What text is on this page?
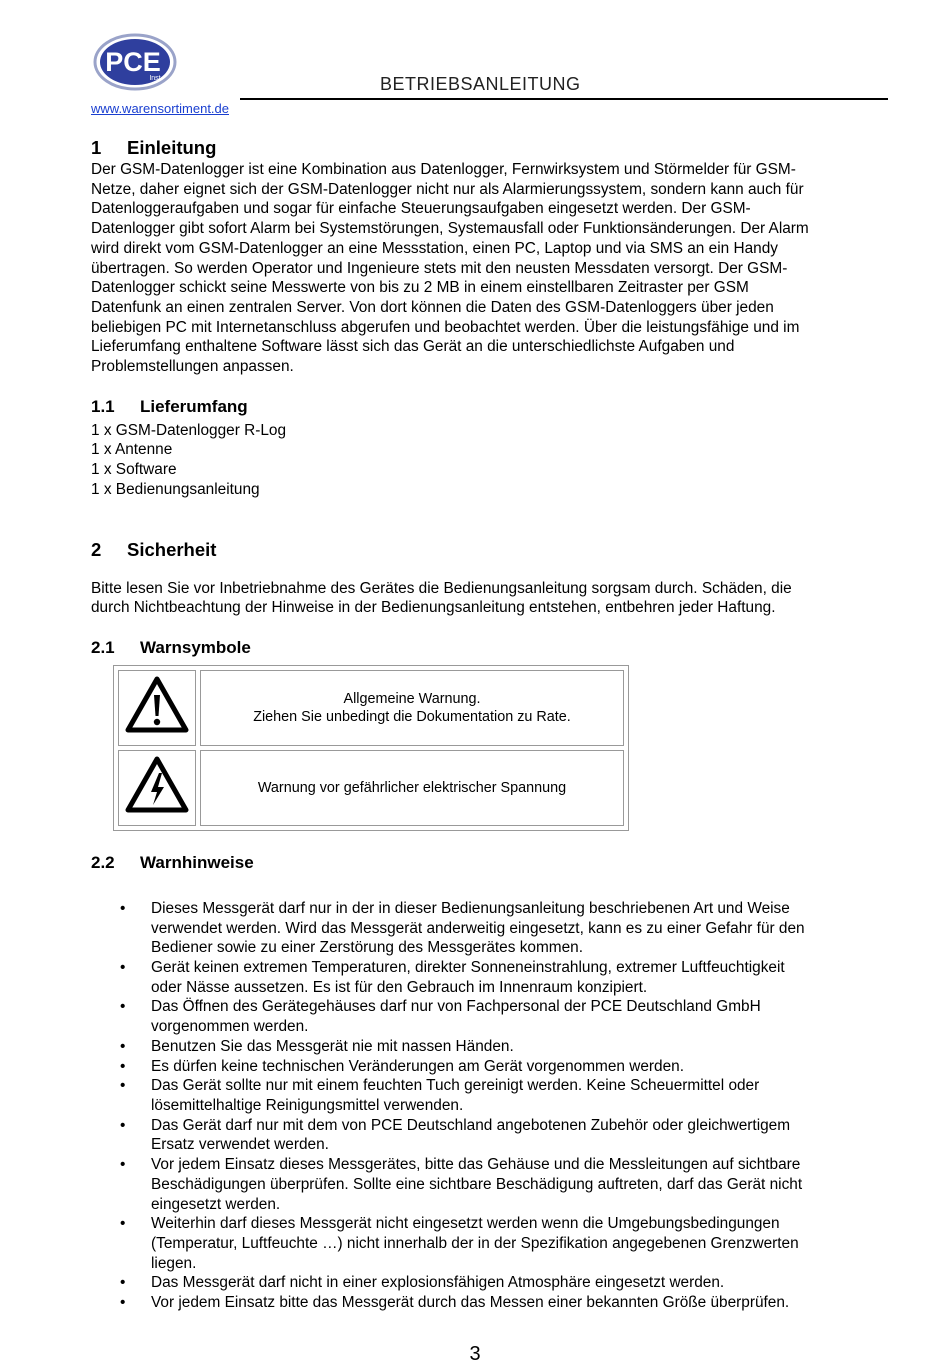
PCE
Inst
www.warensortiment.de
BETRIEBSANLEITUNG
1 Einleitung
Der GSM-Datenlogger ist eine Kombination aus Datenlogger, Fernwirksystem und Störmelder für GSM-
Netze, daher eignet sich der GSM-Datenlogger nicht nur als Alarmierungssystem, sondern kann auch für
Datenloggeraufgaben und sogar für einfache Steuerungsaufgaben eingesetzt werden. Der GSM-
Datenlogger gibt sofort Alarm bei Systemstörungen, Systemausfall oder Funktionsänderungen. Der Alarm
wird direkt vom GSM-Datenlogger an eine Messstation, einen PC, Laptop und via SMS an ein Handy
übertragen. So werden Operator und Ingenieure stets mit den neusten Messdaten versorgt. Der GSM-
Datenlogger schickt seine Messwerte von bis zu 2 MB in einem einstellbaren Zeitraster per GSM
Datenfunk an einen zentralen Server. Von dort können die Daten des GSM-Datenloggers über jeden
beliebigen PC mit Internetanschluss abgerufen und beobachtet werden. Über die leistungsfähige und im
Lieferumfang enthaltene Software lässt sich das Gerät an die unterschiedlichste Aufgaben und
Problemstellungen anpassen.
1.1 Lieferumfang
1 x GSM-Datenlogger R-Log
1 x Antenne
1 x Software
1 x Bedienungsanleitung
2 Sicherheit
Bitte lesen Sie vor Inbetriebnahme des Gerätes die Bedienungsanleitung sorgsam durch. Schäden, die
durch Nichtbeachtung der Hinweise in der Bedienungsanleitung entstehen, entbehren jeder Haftung.
2.1 Warnsymbole

Allgemeine Warnung.
Ziehen Sie unbedingt die Dokumentation zu Rate.

Warnung vor gefährlicher elektrischer Spannung
2.2 Warnhinweise
• Dieses Messgerät darf nur in der in dieser Bedienungsanleitung beschriebenen Art und Weise
verwendet werden. Wird das Messgerät anderweitig eingesetzt, kann es zu einer Gefahr für den
Bediener sowie zu einer Zerstörung des Messgerätes kommen.
• Gerät keinen extremen Temperaturen, direkter Sonneneinstrahlung, extremer Luftfeuchtigkeit
oder Nässe aussetzen. Es ist für den Gebrauch im Innenraum konzipiert.
• Das Öffnen des Gerätegehäuses darf nur von Fachpersonal der PCE Deutschland GmbH
vorgenommen werden.
• Benutzen Sie das Messgerät nie mit nassen Händen.
• Es dürfen keine technischen Veränderungen am Gerät vorgenommen werden.
• Das Gerät sollte nur mit einem feuchten Tuch gereinigt werden. Keine Scheuermittel oder
lösemittelhaltige Reinigungsmittel verwenden.
• Das Gerät darf nur mit dem von PCE Deutschland angebotenen Zubehör oder gleichwertigem
Ersatz verwendet werden.
• Vor jedem Einsatz dieses Messgerätes, bitte das Gehäuse und die Messleitungen auf sichtbare
Beschädigungen überprüfen. Sollte eine sichtbare Beschädigung auftreten, darf das Gerät nicht
eingesetzt werden.
• Weiterhin darf dieses Messgerät nicht eingesetzt werden wenn die Umgebungsbedingungen
(Temperatur, Luftfeuchte …) nicht innerhalb der in der Spezifikation angegebenen Grenzwerten
liegen.
• Das Messgerät darf nicht in einer explosionsfähigen Atmosphäre eingesetzt werden.
• Vor jedem Einsatz bitte das Messgerät durch das Messen einer bekannten Größe überprüfen.
3
